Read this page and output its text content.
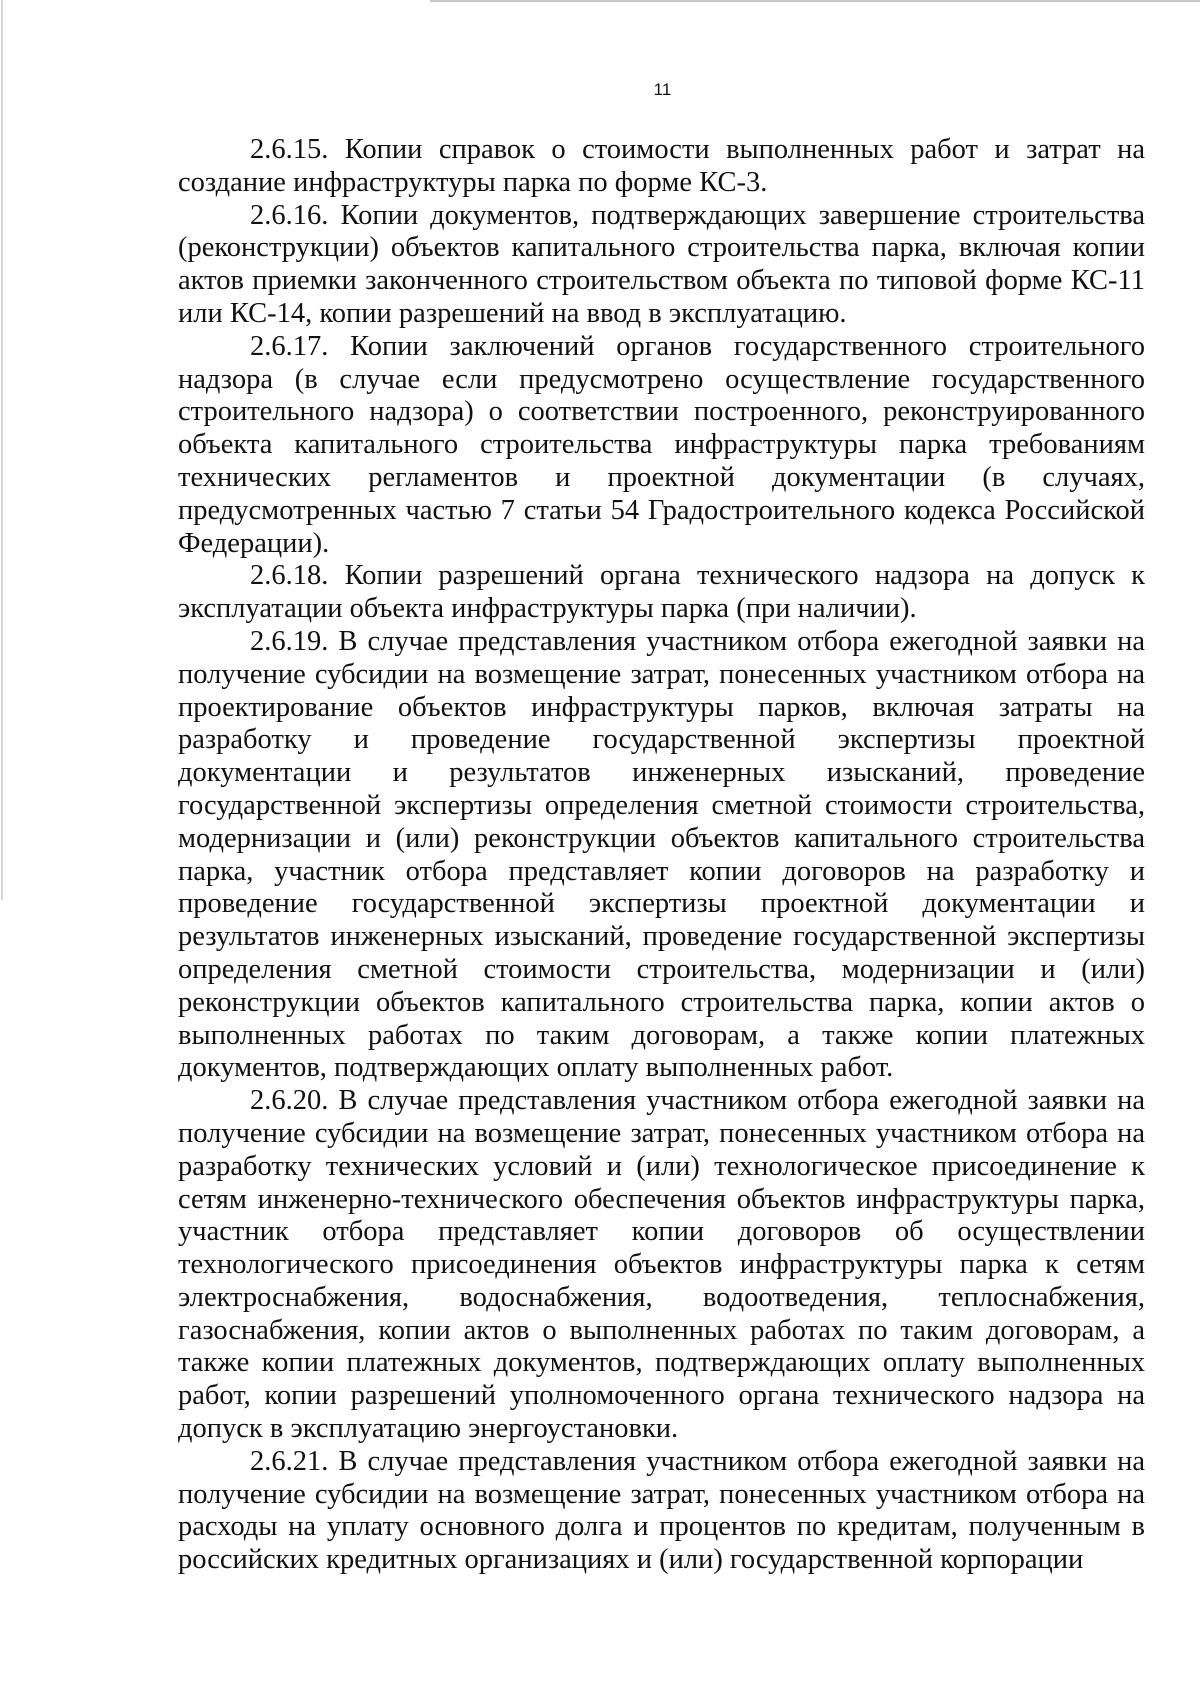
11

2.6.15. Копии справок о стоимости выполненных работ и затрат на создание инфраструктуры парка по форме КС-3.

2.6.16. Копии документов, подтверждающих завершение строительства (реконструкции) объектов капитального строительства парка, включая копии актов приемки законченного строительством объекта по типовой форме КС-11 или КС-14, копии разрешений на ввод в эксплуатацию.

2.6.17. Копии заключений органов государственного строительного надзора (в случае если предусмотрено осуществление государственного строительного надзора) о соответствии построенного, реконструированного объекта капитального строительства инфраструктуры парка требованиям технических регламентов и проектной документации (в случаях, предусмотренных частью 7 статьи 54 Градостроительного кодекса Российской Федерации).

2.6.18. Копии разрешений органа технического надзора на допуск к эксплуатации объекта инфраструктуры парка (при наличии).

2.6.19. В случае представления участником отбора ежегодной заявки на получение субсидии на возмещение затрат, понесенных участником отбора на проектирование объектов инфраструктуры парков, включая затраты на разработку и проведение государственной экспертизы проектной документации и результатов инженерных изысканий, проведение государственной экспертизы определения сметной стоимости строительства, модернизации и (или) реконструкции объектов капитального строительства парка, участник отбора представляет копии договоров на разработку и проведение государственной экспертизы проектной документации и результатов инженерных изысканий, проведение государственной экспертизы определения сметной стоимости строительства, модернизации и (или) реконструкции объектов капитального строительства парка, копии актов о выполненных работах по таким договорам, а также копии платежных документов, подтверждающих оплату выполненных работ.

2.6.20. В случае представления участником отбора ежегодной заявки на получение субсидии на возмещение затрат, понесенных участником отбора на разработку технических условий и (или) технологическое присоединение к сетям инженерно-технического обеспечения объектов инфраструктуры парка, участник отбора представляет копии договоров об осуществлении технологического присоединения объектов инфраструктуры парка к сетям электроснабжения, водоснабжения, водоотведения, теплоснабжения, газоснабжения, копии актов о выполненных работах по таким договорам, а также копии платежных документов, подтверждающих оплату выполненных работ, копии разрешений уполномоченного органа технического надзора на допуск в эксплуатацию энергоустановки.

2.6.21. В случае представления участником отбора ежегодной заявки на получение субсидии на возмещение затрат, понесенных участником отбора на расходы на уплату основного долга и процентов по кредитам, полученным в российских кредитных организациях и (или) государственной корпорации
